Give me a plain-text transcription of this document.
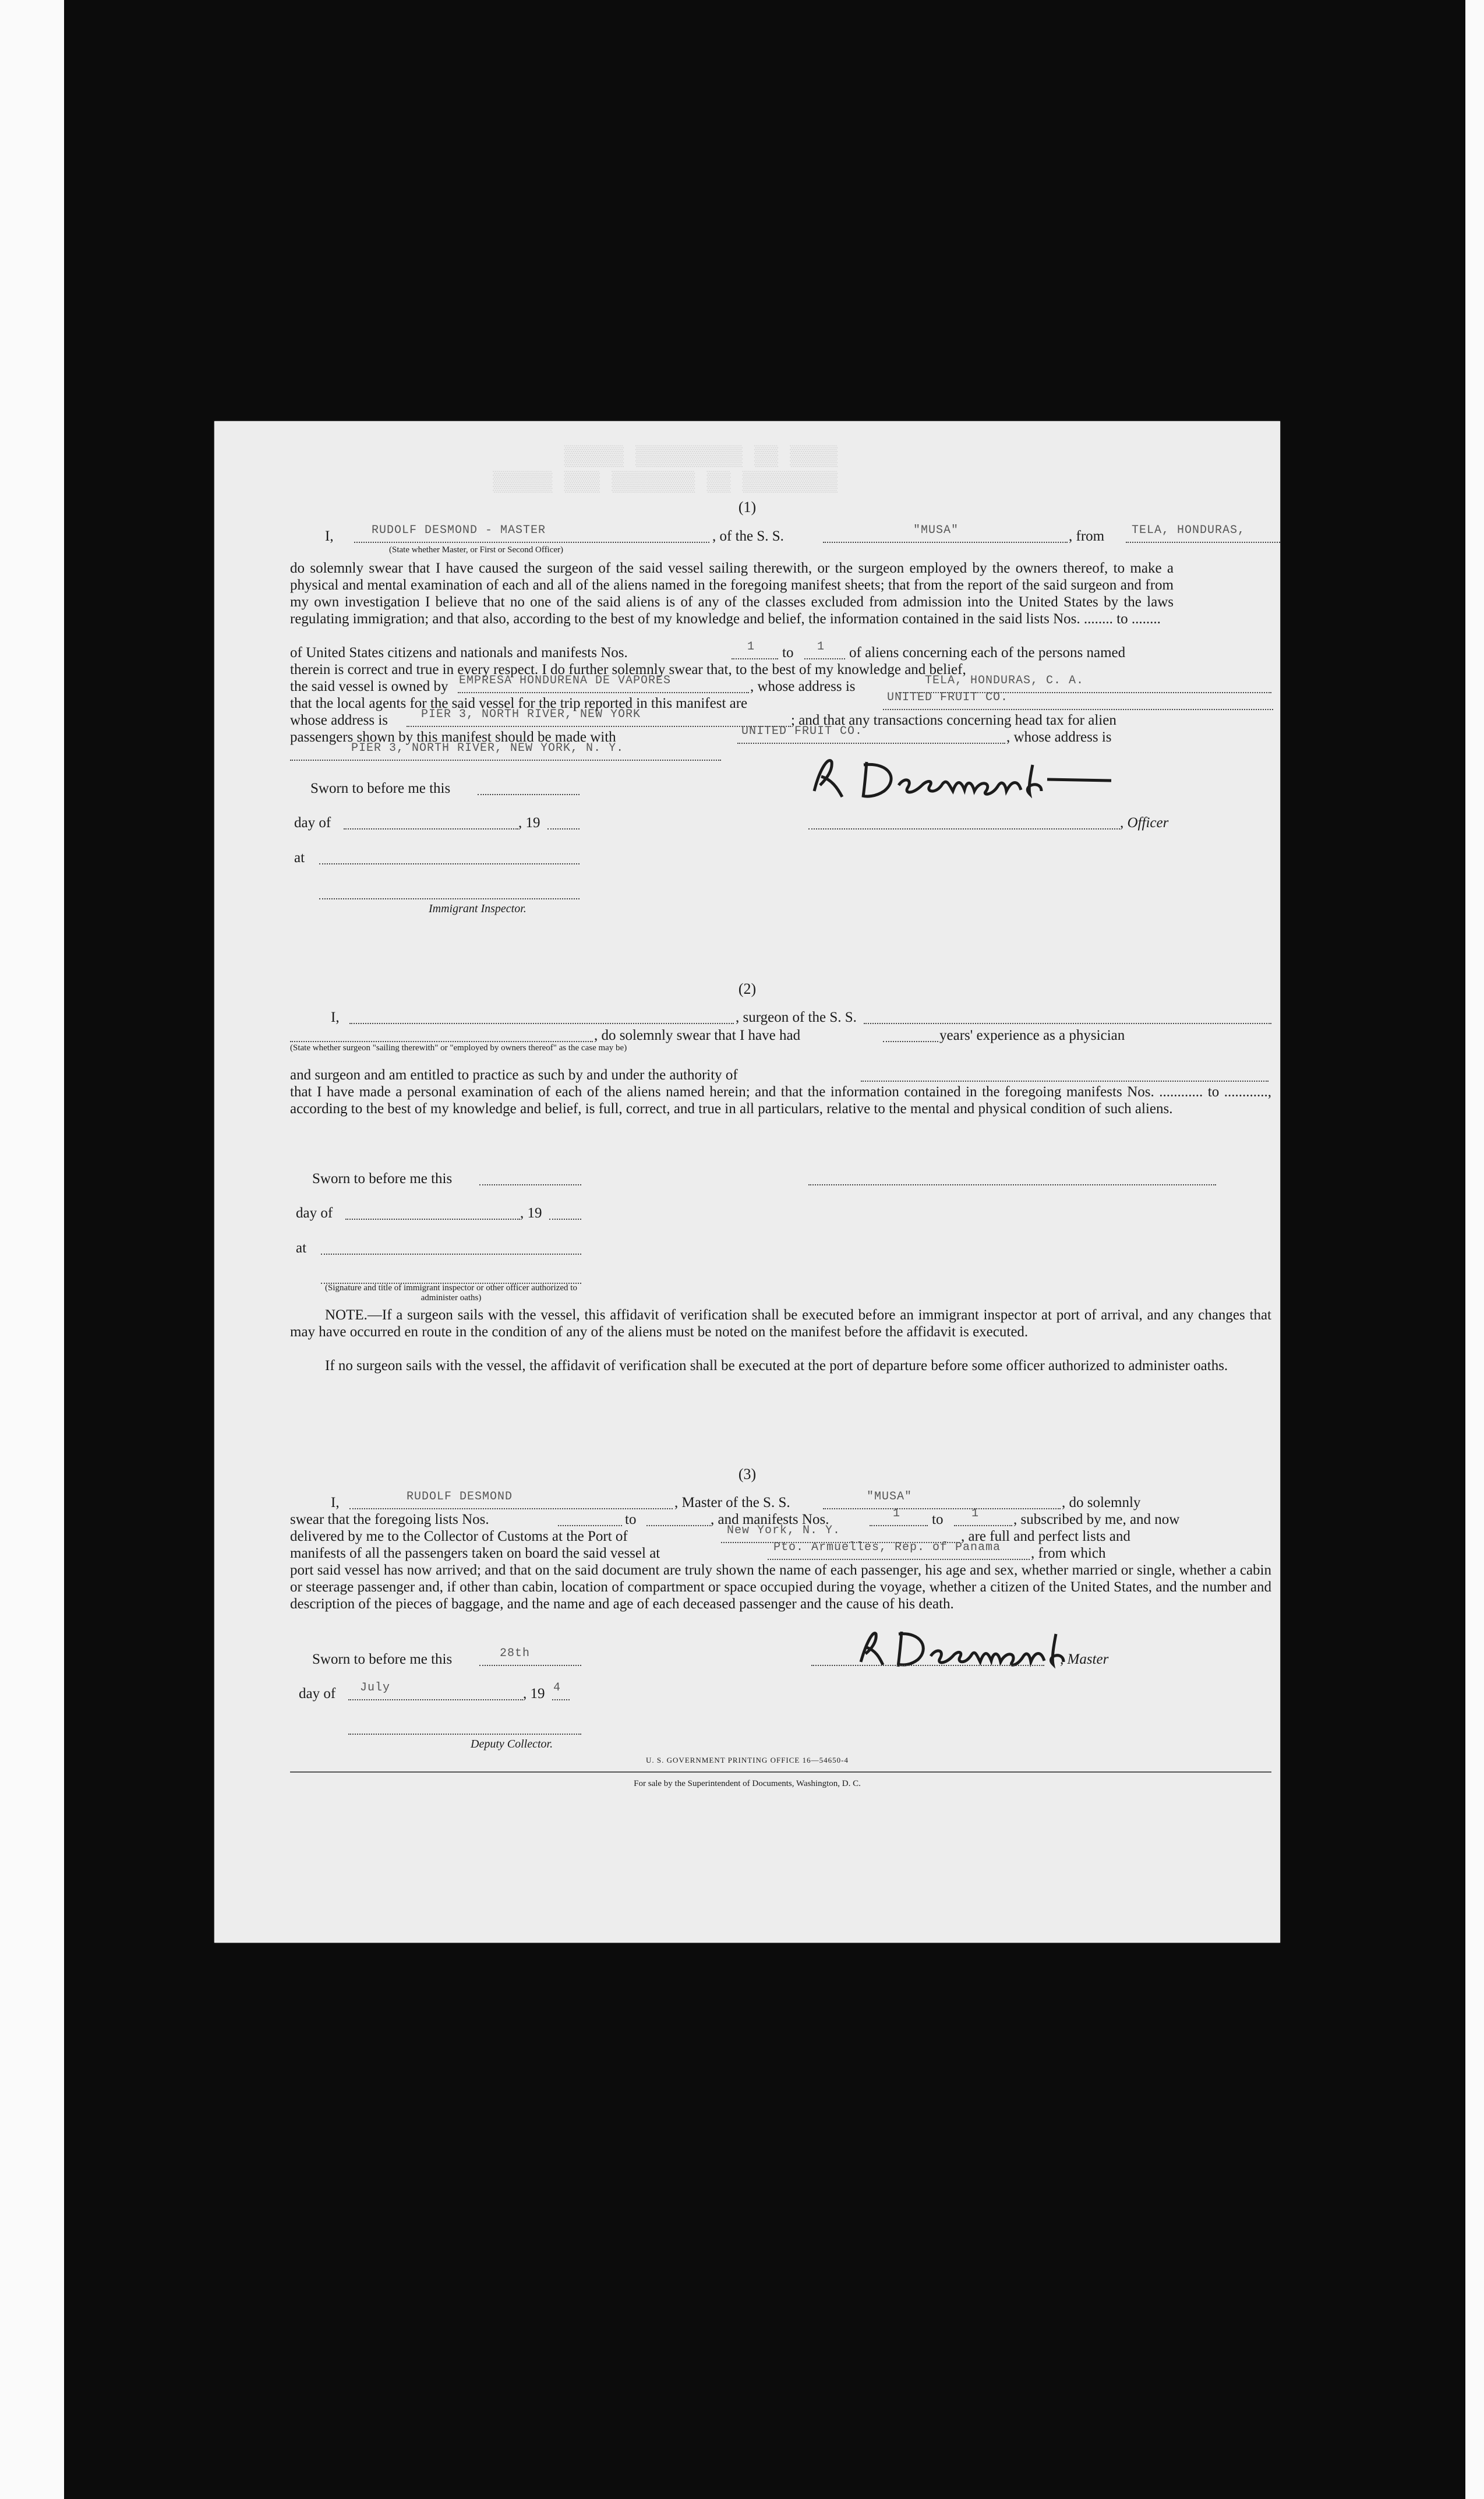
▒▒▒▒ ▒▒ ▒▒▒▒▒▒▒▒▒ ▒▒▒▒▒
▒▒▒▒▒▒▒▒ ▒▒ ▒▒▒▒▒▒▒ ▒▒▒ ▒▒▒▒▒
(1)
I,	RUDOLF DESMOND - MASTER
(State whether Master, or First or Second Officer)
, of the S. S.	"MUSA"	, from TELA, HONDURAS,
do solemnly swear that I have caused the surgeon of the said vessel sailing therewith, or the surgeon employed by the owners thereof, to make a physical and mental examination of each and all of the aliens named in the foregoing manifest sheets; that from the report of the said surgeon and from my own investigation I believe that no one of the said aliens is of any of the classes excluded from admission into the United States by the laws regulating immigration; and that also, according to the best of my knowledge and belief, the information contained in the said lists Nos. ........ to ........
of United States citizens and nationals and manifests Nos.	1 to 1 of aliens concerning each of the persons named
therein is correct and true in every respect. I do further solemnly swear that, to the best of my knowledge and belief,
the said vessel is owned by EMPRESA HONDURENA DE VAPORES	, whose address is	TELA, HONDURAS, C. A.
that the local agents for the said vessel for the trip reported in this manifest are	UNITED FRUIT CO.
whose address is	PIER 3, NORTH RIVER, NEW YORK	; and that any transactions concerning head tax for alien
passengers shown by this manifest should be made with	UNITED FRUIT CO.	, whose address is
PIER 3, NORTH RIVER, NEW YORK, N. Y.
Sworn to before me this
day of	, 19
at
Immigrant Inspector.
, Officer
(2)
I,	, surgeon of the S. S.
(State whether surgeon "sailing therewith" or "employed by owners thereof" as the case may be)
, do solemnly swear that I have had	years' experience as a physician
and surgeon and am entitled to practice as such by and under the authority of
that I have made a personal examination of each of the aliens named herein; and that the information contained in the foregoing manifests Nos. ............ to ............, according to the best of my knowledge and belief, is full, correct, and true in all particulars, relative to the mental and physical condition of such aliens.
Sworn to before me this
day of	, 19
at
(Signature and title of immigrant inspector or other officer authorized to administer oaths)
NOTE.—If a surgeon sails with the vessel, this affidavit of verification shall be executed before an immigrant inspector at port of arrival, and any changes that may have occurred en route in the condition of any of the aliens must be noted on the manifest before the affidavit is executed.
If no surgeon sails with the vessel, the affidavit of verification shall be executed at the port of departure before some officer authorized to administer oaths.
(3)
I,	RUDOLF DESMOND	, Master of the S. S.	"MUSA"	, do solemnly
swear that the foregoing lists Nos.	to	, and manifests Nos.	1 to 1 , subscribed by me, and now
delivered by me to the Collector of Customs at the Port of	New York, N. Y.	, are full and perfect lists and
manifests of all the passengers taken on board the said vessel at	Pto. Armuelles, Rep. of Panama , from which
port said vessel has now arrived; and that on the said document are truly shown the name of each passenger, his age and sex, whether married or single, whether a cabin or steerage passenger and, if other than cabin, location of compartment or space occupied during the voyage, whether a citizen of the United States, and the number and description of the pieces of baggage, and the name and age of each deceased passenger and the cause of his death.
Sworn to before me this	28th
day of July	, 19 4
Deputy Collector.
, Master
U. S. GOVERNMENT PRINTING OFFICE 16—54650-4
For sale by the Superintendent of Documents, Washington, D. C.
